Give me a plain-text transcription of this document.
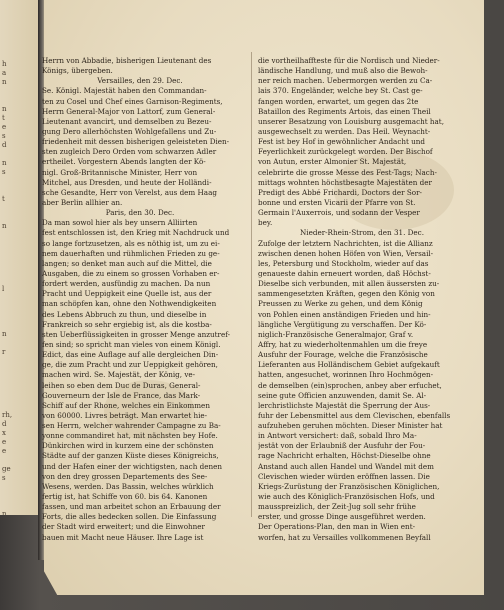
h
a
n
n
t
e
s
d
n
s
t
n
l
n
r
rh,
d
x
e
e
ge
s
n
Herrn von Abbadie, bisherigen Lieutenant des
Königs, übergeben.
Versailles, den 29. Dec.
Se. Königl. Majestät haben den Commandan-
ten zu Cosel und Chef eines Garnison-Regiments,
Herrn General-Major von Lattorf, zum General-
Lieutenant avancirt, und demselben zu Bezeu-
gung Dero allerhöchsten Wohlgefallens und Zu-
friedenheit mit dessen bisherigen geleisteten Dien-
sten zugleich Dero Orden vom schwarzen Adler
ertheilet. Vorgestern Abends langten der Kö-
nigl. Groß-Britannische Minister, Herr von
Mitchel, aus Dresden, und heute der Holländi-
sche Gesandte, Herr von Verelst, aus dem Haag
aber Berlin allhier an.
Paris, den 30. Dec.
Da man sowol hier als bey unsern Alliirten
fest entschlossen ist, den Krieg mit Nachdruck und
so lange fortzusetzen, als es nöthig ist, um zu ei-
nem dauerhaften und rühmlichen Frieden zu ge-
langen; so denket man auch auf die Mittel, die
Ausgaben, die zu einem so grossen Vorhaben er-
fordert werden, ausfündig zu machen. Da nun
Pracht und Ueppigkeit eine Quelle ist, aus der
man schöpfen kan, ohne den Nothwendigkeiten
des Lebens Abbruch zu thun, und dieselbe in
Frankreich so sehr ergiebig ist, als die kostba-
sten Ueberflüssigkeiten in grosser Menge anzutref-
fen sind; so spricht man vieles von einem Königl.
Edict, das eine Auflage auf alle dergleichen Din-
ge, die zum Pracht und zur Ueppigkeit gehören,
machen wird. Se. Majestät, der König, ve-
leihen so eben dem Duc de Duras, General-
Gouverneurn der Isle de France, das Mark-
Schiff auf der Rhone, welches ein Einkommen
von 60000. Livres beträgt. Man erwartet hie-
sen Herrn, welcher wahrender Campagne zu Ba-
yonne commandiret hat, mit nächsten bey Hofe.
Dünkirchen wird in kurzem eine der schönsten
Städte auf der ganzen Küste dieses Königreichs,
und der Hafen einer der wichtigsten, nach denen
von den drey grossen Departements des See-
Wesens, werden. Das Bassin, welches würklich
fertig ist, hat Schiffe von 60. bis 64. Kanonen
fassen, und man arbeitet schon an Erbauung der
Forts, die alles bedecken sollen. Die Einfassung
der Stadt wird erweitert; und die Einwohner
bauen mit Macht neue Häuser. Ihre Lage ist
die vortheilhaffteste für die Nordisch und Nieder-
ländische Handlung, und muß also die Bewoh-
ner reich machen. Uebermorgen werden zu Ca-
lais 370. Engeländer, welche bey St. Cast ge-
fangen worden, erwartet, um gegen das 2te
Bataillon des Regiments Artois, das einen Theil
unserer Besatzung von Louisburg ausgemacht hat,
ausgewechselt zu werden. Das Heil. Weynacht-
Fest ist bey Hof in gewöhnlicher Andacht und
Feyerlichkeit zurückgelegt worden. Der Bischof
von Autun, erster Almonier St. Majestät,
celebrirte die grosse Messe des Fest-Tags; Nach-
mittags wohnten höchstbesagte Majestäten der
Predigt des Abbé Frichardi, Doctors der Sor-
bonne und ersten Vicarii der Pfarre von St.
Germain l'Auxerrois, und sodann der Vesper
bey.
Nieder-Rhein-Strom, den 31. Dec.
Zufolge der letztern Nachrichten, ist die Allianz
zwischen denen hohen Höfen von Wien, Versail-
les, Petersburg und Stockholm, wieder auf das
genaueste dahin erneuert worden, daß Höchst-
Dieselbe sich verbunden, mit allen äussersten zu-
sammengesetzten Kräften, gegen den König von
Preussen zu Werke zu gehen, und dem König
von Pohlen einen anständigen Frieden und hin-
längliche Vergütigung zu verschaffen. Der Kö-
niglich-Französische Generalmajor, Graf v.
Affry, hat zu wiederholtenmahlen um die freye
Ausfuhr der Fourage, welche die Französische
Lieferanten aus Holländischem Gebiet aufgekauft
hatten, angesuchet, worinnen Ihro Hochmögen-
de demselben (ein)sprochen, anbey aber erfuchet,
seine gute Officien anzuwenden, damit Se. Al-
lerchristlichste Majestät die Sperrung der Aus-
fuhr der Lebensmittel aus dem Clevischen, ebenfalls
aufzuheben geruhen möchten. Dieser Minister hat
in Antwort versichert: daß, sobald Ihro Ma-
jestät von der Erlaubniß der Ausfuhr der Fou-
rage Nachricht erhalten, Höchst-Dieselbe ohne
Anstand auch allen Handel und Wandel mit dem
Clevischen wieder würden eröffnen lassen. Die
Kriegs-Zurüstung der Französischen Königlichen,
wie auch des Königlich-Französischen Hofs, und
mausspreizlich, der Zeit-Jug soll sehr frühe
erster, und grosse Dinge ausgeführet werden.
Der Operations-Plan, den man in Wien ent-
worfen, hat zu Versailles vollkommenen Beyfall
